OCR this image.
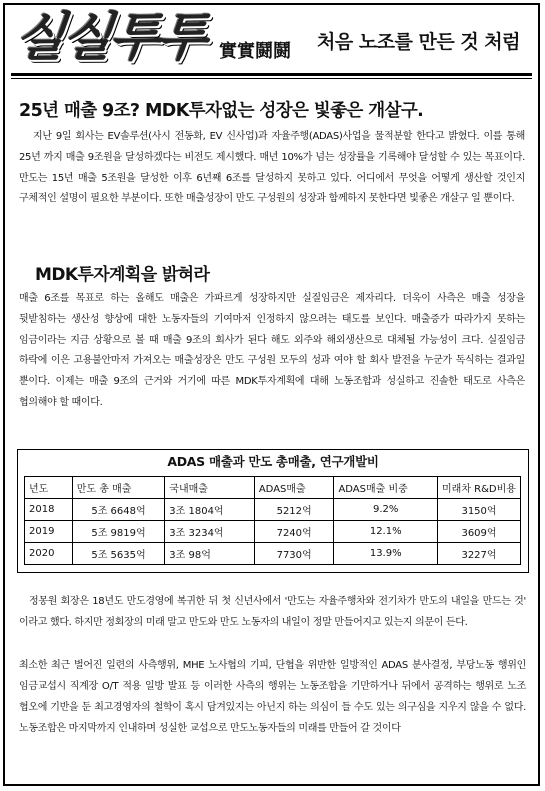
실실투투 實實鬪鬪 처음 노조를 만든 것 처럼
25년 매출 9조? MDK투자없는 성장은 빛좋은 개살구.
지난 9일 회사는 EV솔루션(사시 전동화, EV 신사업)과 자율주행(ADAS)사업을 물적분할 한다고 밝혔다. 이를 통해 25년 까지 매출 9조원을 달성하겠다는 비전도 제시했다. 매년 10%가 넘는 성장률을 기록해야 달성할 수 있는 목표이다. 만도는 15년 매출 5조원을 달성한 이후 6년째 6조를 달성하지 못하고 있다. 어디에서 무엇을 어떻게 생산할 것인지 구체적인 설명이 필요한 부분이다. 또한 매출성장이 만도 구성원의 성장과 함께하지 못한다면 빛좋은 개살구 일 뿐이다.
MDK투자계획을 밝혀라
매출 6조를 목표로 하는 올해도 매출은 가파르게 성장하지만 실질임금은 제자리다. 더욱이 사측은 매출 성장을 뒷받침하는 생산성 향상에 대한 노동자들의 기여마저 인정하지 않으려는 태도를 보인다. 매출증가 따라가지 못하는 임금이라는 지금 상황으로 볼 때 매출 9조의 회사가 된다 해도 외주와 해외생산으로 대체될 가능성이 크다. 실질임금 하락에 이은 고용불안마저 가져오는 매출성장은 만도 구성원 모두의 성과 여야 할 회사 발전을 누군가 독식하는 결과일 뿐이다. 이제는 매출 9조의 근거와 거기에 따른 MDK투자계획에 대해 노동조합과 성실하고 진솔한 태도로 사측은 협의해야 할 때이다.
ADAS 매출과 만도 총매출, 연구개발비
년도	만도 총 매출	국내매출	ADAS매출	ADAS매출 비중	미래차 R&D비용
2018	5조 6648억	3조 1804억	5212억	9.2%	3150억
2019	5조 9819억	3조 3234억	7240억	12.1%	3609억
2020	5조 5635억	3조 98억	7730억	13.9%	3227억
정몽원 회장은 18년도 만도경영에 복귀한 뒤 첫 신년사에서 '만도는 자율주행차와 전기차가 만도의 내일을 만드는 것' 이라고 했다. 하지만 정회장의 미래 말고 만도와 만도 노동자의 내일이 정말 만들어지고 있는지 의문이 든다.
최소한 최근 벌어진 일련의 사측행위, MHE 노사협의 기피, 단협을 위반한 일방적인 ADAS 분사결정, 부당노동 행위인 임금교섭시 직계장 O/T 적용 일방 발표 등 이러한 사측의 행위는 노동조합을 기만하거나 뒤에서 공격하는 행위로 노조 협오에 기반을 둔 최고경영자의 철학이 혹시 담겨있지는 아닌지 하는 의심이 들 수도 있는 의구심을 지우지 않을 수 없다. 노동조합은 마지막까지 인내하며 성실한 교섭으로 만도노동자들의 미래를 만들어 갈 것이다
